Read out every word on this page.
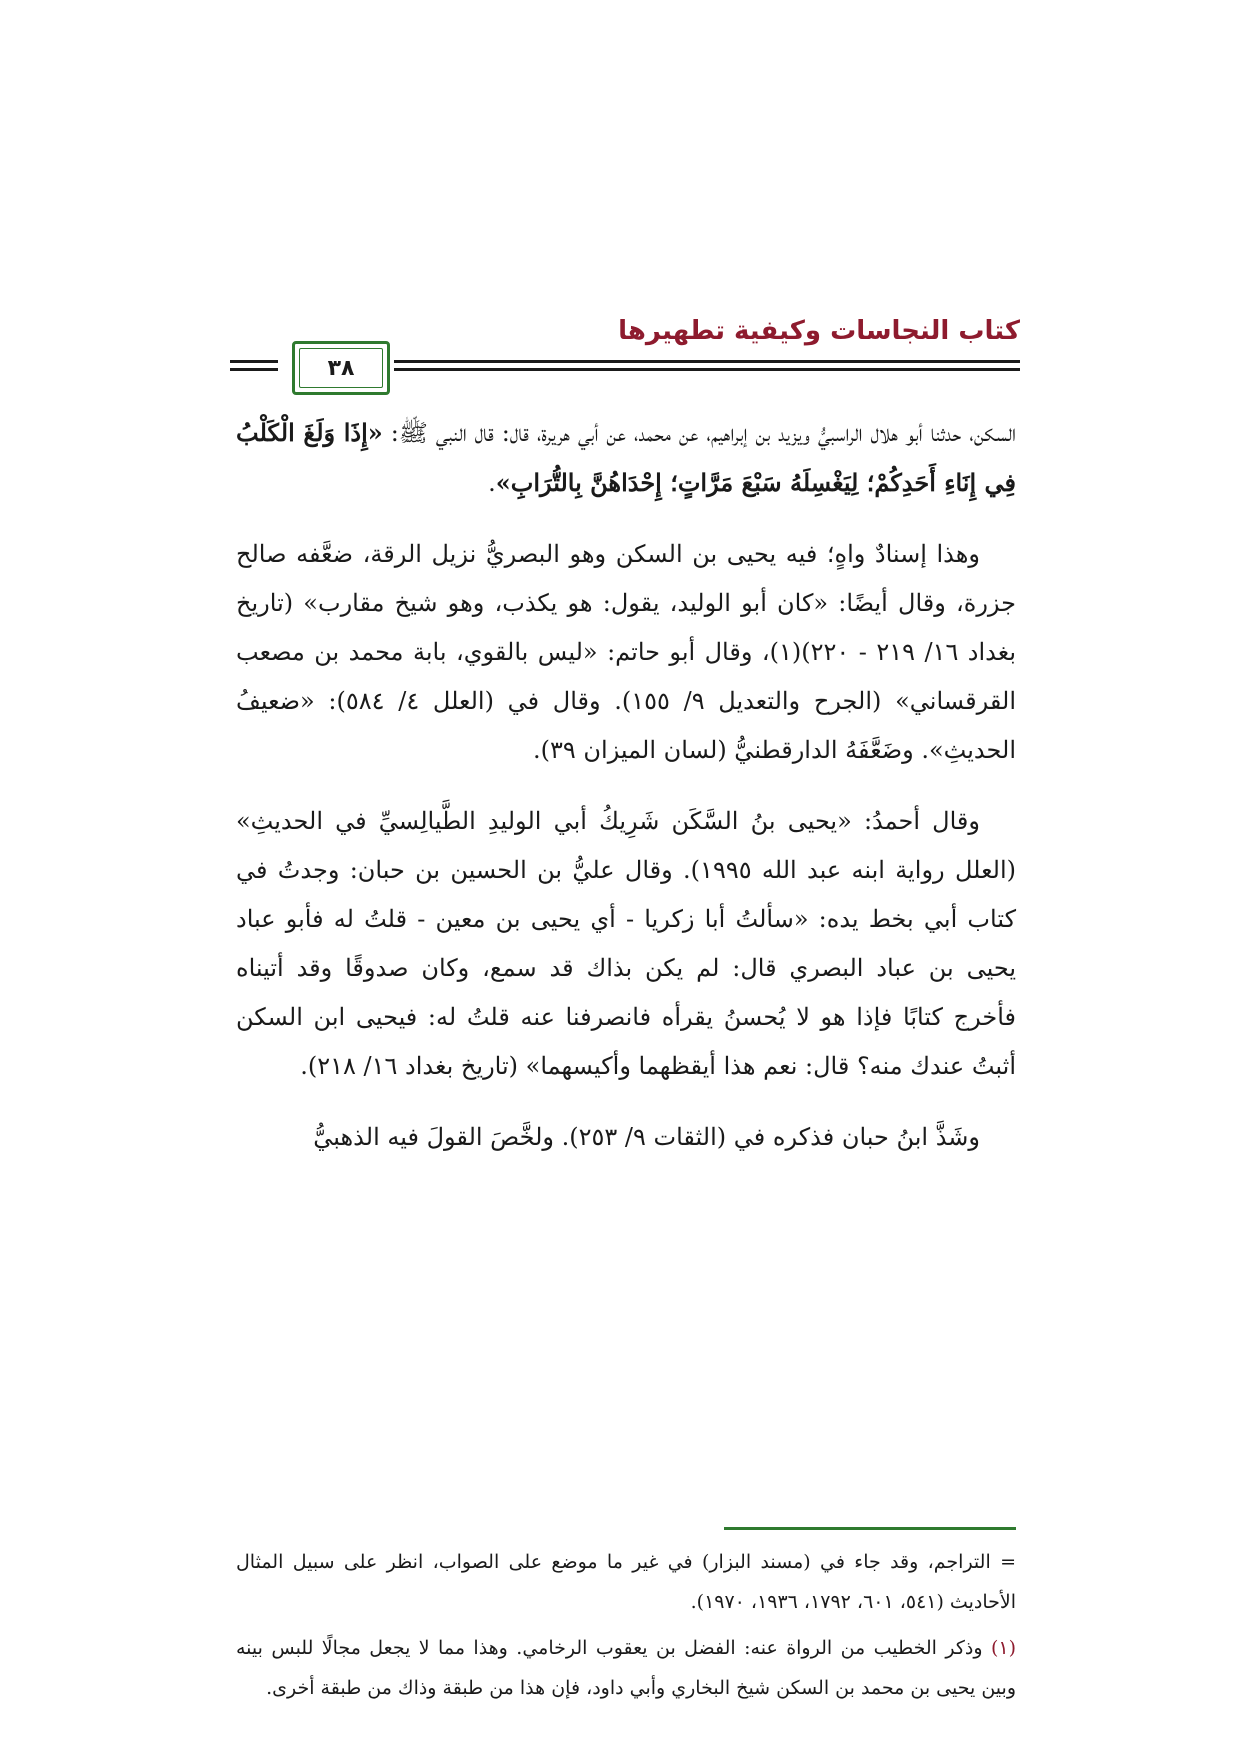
كتاب النجاسات وكيفية تطهيرها
٣٨

السكن، حدثنا أبو هلال الراسبيُّ ويزيد بن إبراهيم، عن محمد، عن أبي هريرة، قال: قال النبي ﷺ: «إِذَا وَلَغَ الْكَلْبُ فِي إِنَاءِ أَحَدِكُمْ؛ لِيَغْسِلَهُ سَبْعَ مَرَّاتٍ؛ إِحْدَاهُنَّ بِالتُّرَابِ».

وهذا إسنادٌ واهٍ؛ فيه يحيى بن السكن وهو البصريُّ نزيل الرقة، ضعَّفه صالح جزرة، وقال أيضًا: «كان أبو الوليد، يقول: هو يكذب، وهو شيخ مقارب» (تاريخ بغداد ١٦/ ٢١٩ - ٢٢٠)(١)، وقال أبو حاتم: «ليس بالقوي، بابة محمد بن مصعب القرقساني» (الجرح والتعديل ٩/ ١٥٥). وقال في (العلل ٤/ ٥٨٤): «ضعيفُ الحديثِ». وضَعَّفَهُ الدارقطنيُّ (لسان الميزان ٣٩).

وقال أحمدُ: «يحيى بنُ السَّكَن شَرِيكُ أبي الوليدِ الطَّيالِسيِّ في الحديثِ» (العلل رواية ابنه عبد الله ١٩٩٥). وقال عليُّ بن الحسين بن حبان: وجدتُ في كتاب أبي بخط يده: «سألتُ أبا زكريا - أي يحيى بن معين - قلتُ له فأبو عباد يحيى بن عباد البصري قال: لم يكن بذاك قد سمع، وكان صدوقًا وقد أتيناه فأخرج كتابًا فإذا هو لا يُحسنُ يقرأه فانصرفنا عنه قلتُ له: فيحيى ابن السكن أثبتُ عندك منه؟ قال: نعم هذا أيقظهما وأكيسهما» (تاريخ بغداد ١٦/ ٢١٨).

وشَذَّ ابنُ حبان فذكره في (الثقات ٩/ ٢٥٣). ولخَّصَ القولَ فيه الذهبيُّ

= التراجم، وقد جاء في (مسند البزار) في غير ما موضع على الصواب، انظر على سبيل المثال الأحاديث (٥٤١، ٦٠١، ١٧٩٢، ١٩٣٦، ١٩٧٠).

(١) وذكر الخطيب من الرواة عنه: الفضل بن يعقوب الرخامي. وهذا مما لا يجعل مجالًا للبس بينه وبين يحيى بن محمد بن السكن شيخ البخاري وأبي داود، فإن هذا من طبقة وذاك من طبقة أخرى.
